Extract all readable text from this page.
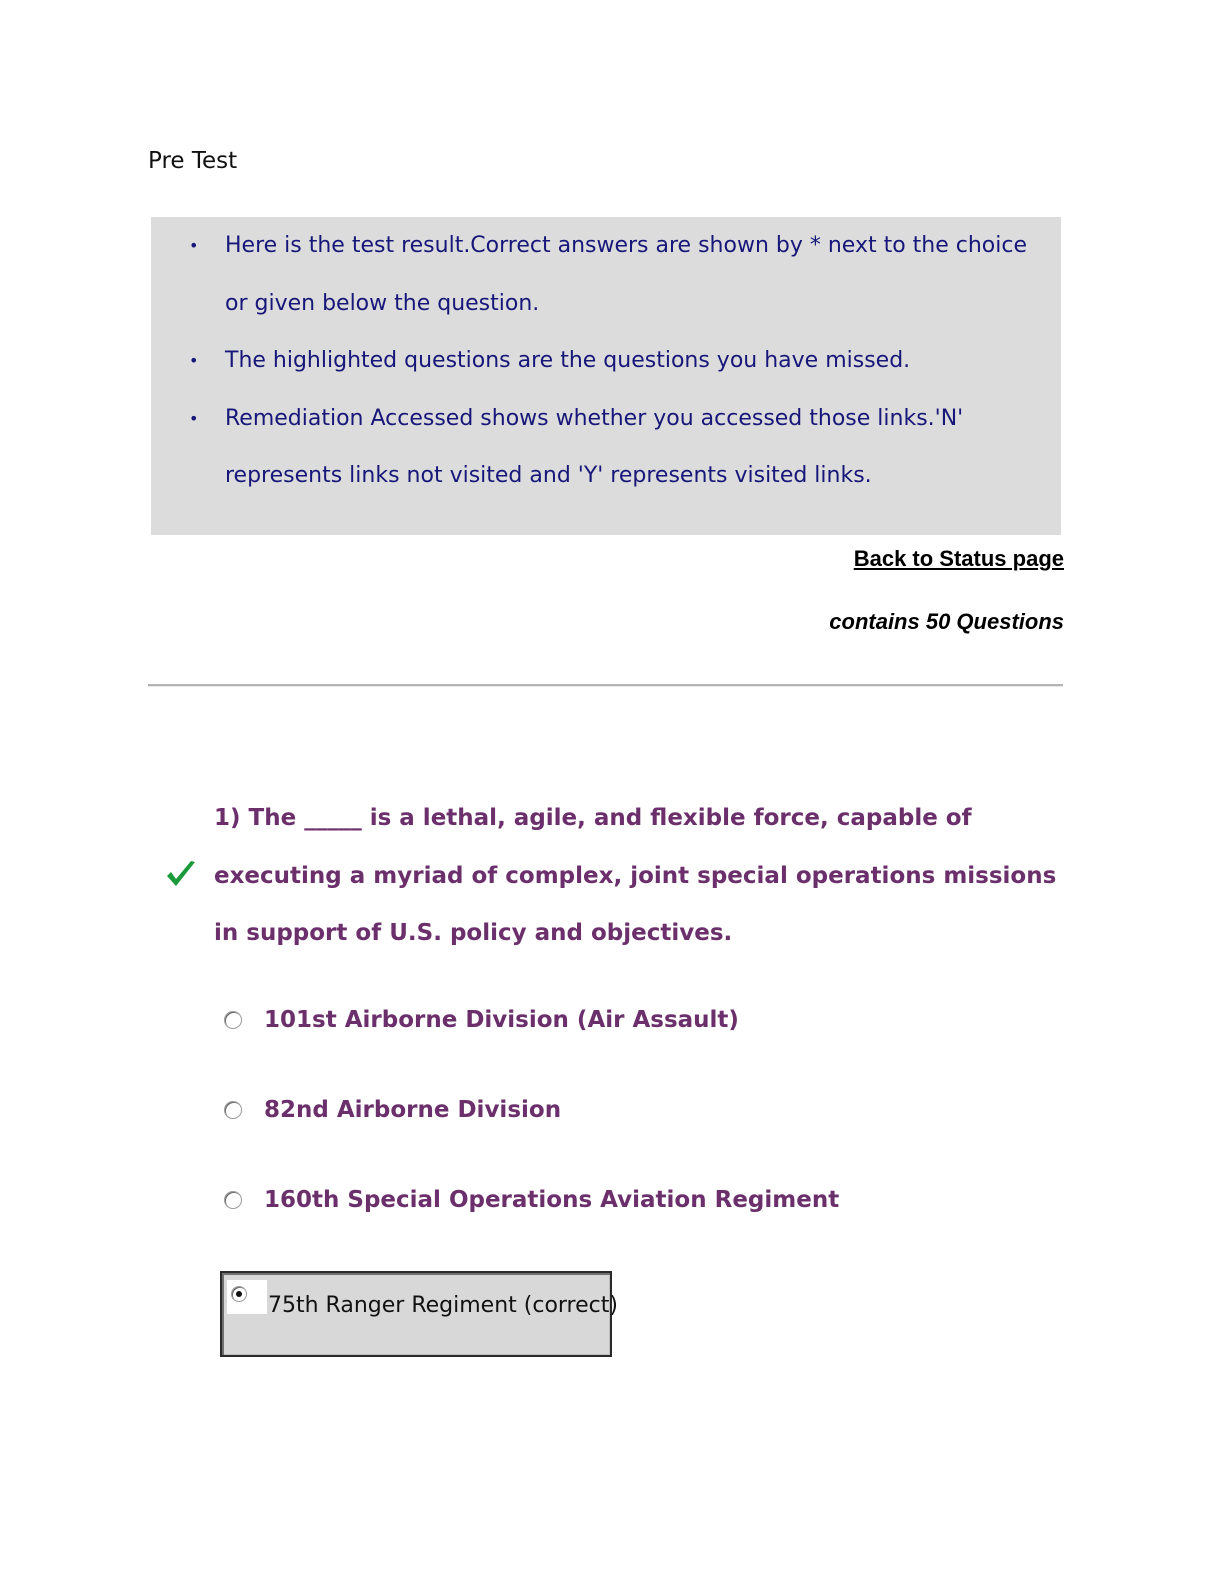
Pre Test
• Here is the test result.Correct answers are shown by * next to the choice or given below the question.
• The highlighted questions are the questions you have missed.
• Remediation Accessed shows whether you accessed those links.'N' represents links not visited and 'Y' represents visited links.
Back to Status page
contains 50 Questions
1) The _____ is a lethal, agile, and flexible force, capable of executing a myriad of complex, joint special operations missions in support of U.S. policy and objectives.
101st Airborne Division (Air Assault)
82nd Airborne Division
160th Special Operations Aviation Regiment
75th Ranger Regiment (correct)
